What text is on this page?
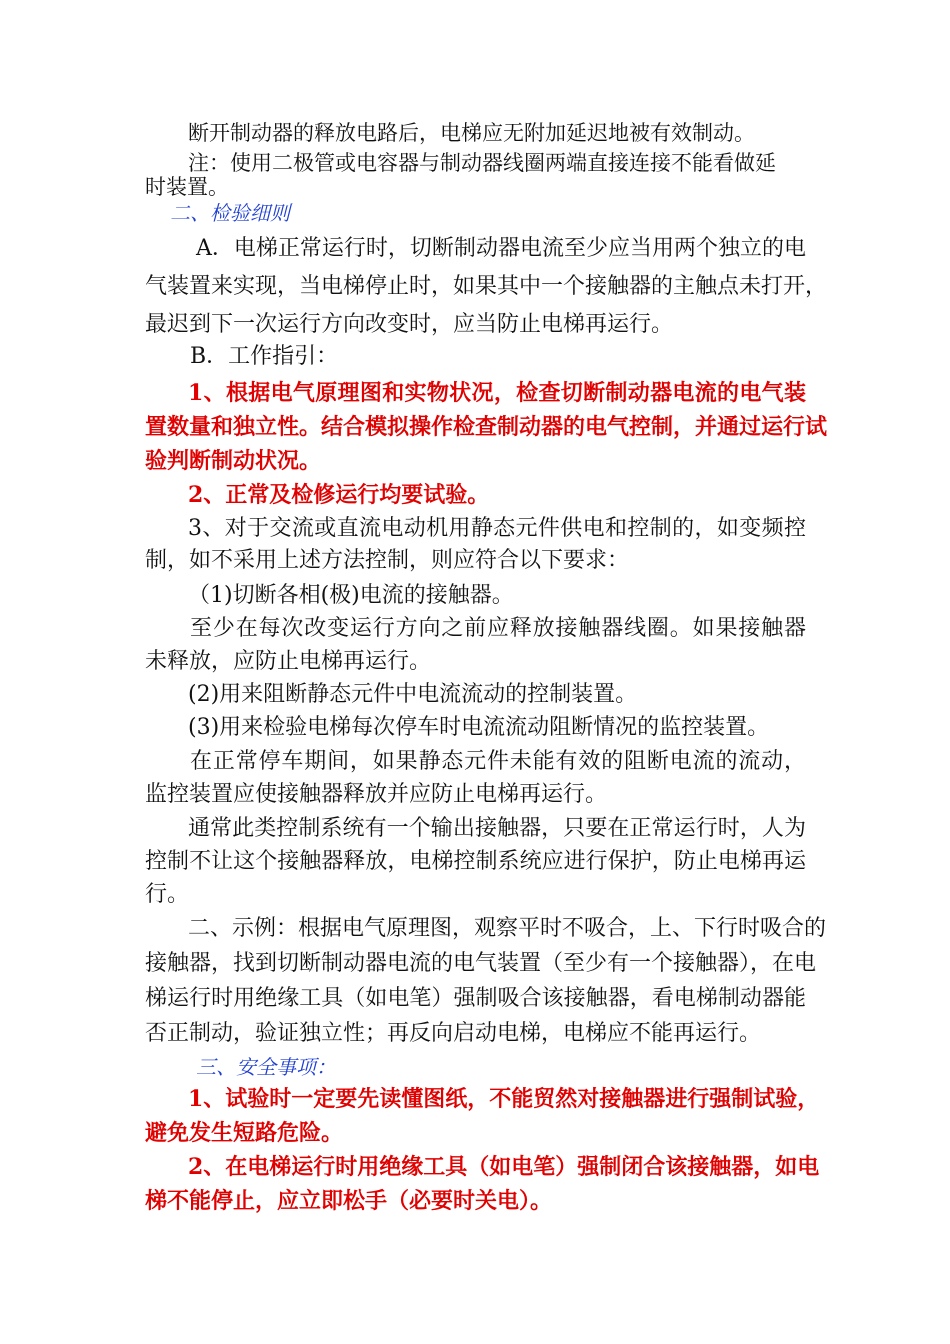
断开制动器的释放电路后，电梯应无附加延迟地被有效制动。
注：使用二极管或电容器与制动器线圈两端直接连接不能看做延
时装置。
二、检验细则
A．电梯正常运行时，切断制动器电流至少应当用两个独立的电
气装置来实现，当电梯停止时，如果其中一个接触器的主触点未打开，
最迟到下一次运行方向改变时，应当防止电梯再运行。
B．工作指引：
1、根据电气原理图和实物状况，检查切断制动器电流的电气装
置数量和独立性。结合模拟操作检查制动器的电气控制，并通过运行试
验判断制动状况。
2、正常及检修运行均要试验。
3、对于交流或直流电动机用静态元件供电和控制的，如变频控
制，如不采用上述方法控制，则应符合以下要求：
（1)切断各相(极)电流的接触器。
至少在每次改变运行方向之前应释放接触器线圈。如果接触器
未释放，应防止电梯再运行。
(2)用来阻断静态元件中电流流动的控制装置。
(3)用来检验电梯每次停车时电流流动阻断情况的监控装置。
在正常停车期间，如果静态元件未能有效的阻断电流的流动，
监控装置应使接触器释放并应防止电梯再运行。
通常此类控制系统有一个输出接触器，只要在正常运行时，人为
控制不让这个接触器释放，电梯控制系统应进行保护，防止电梯再运
行。
二、示例：根据电气原理图，观察平时不吸合，上、下行时吸合的
接触器，找到切断制动器电流的电气装置（至少有一个接触器），在电
梯运行时用绝缘工具（如电笔）强制吸合该接触器，看电梯制动器能
否正制动，验证独立性；再反向启动电梯，电梯应不能再运行。
三、安全事项：
1、试验时一定要先读懂图纸，不能贸然对接触器进行强制试验，
避免发生短路危险。
2、在电梯运行时用绝缘工具（如电笔）强制闭合该接触器，如电
梯不能停止，应立即松手（必要时关电）。
